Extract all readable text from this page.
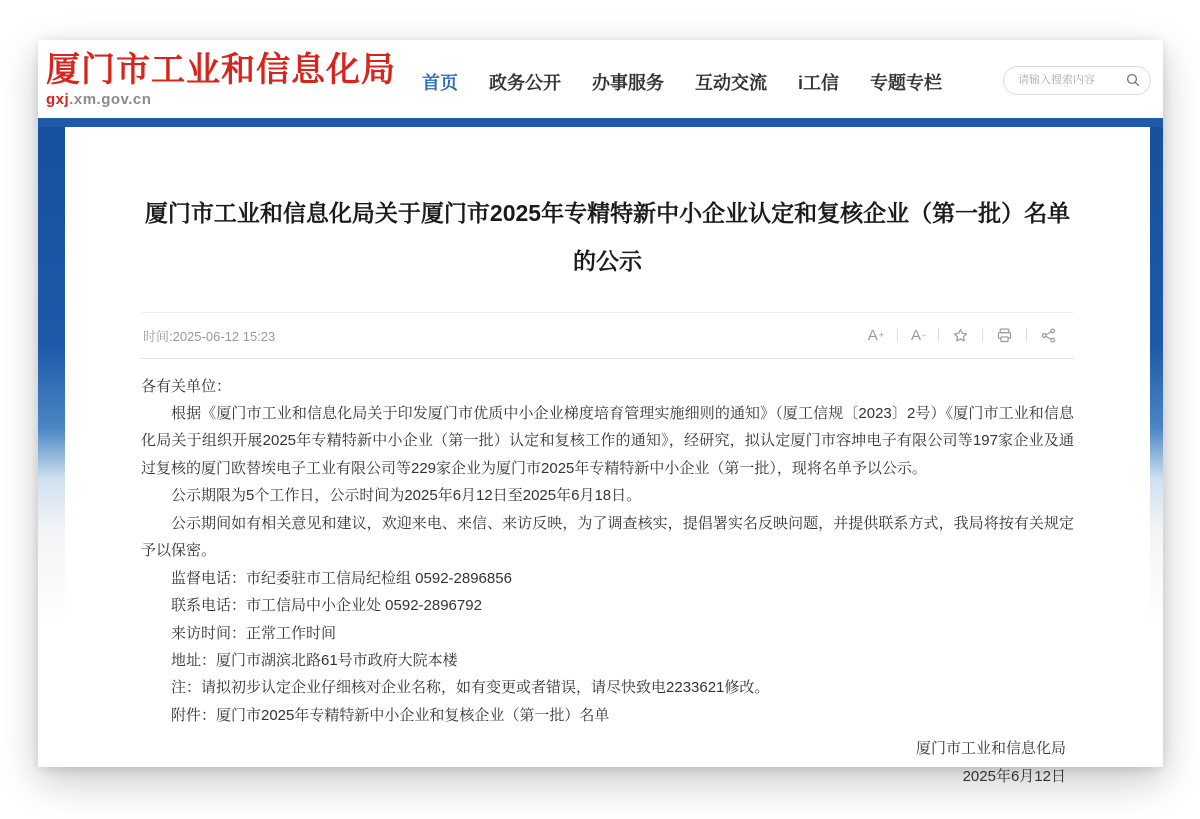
厦门市工业和信息化局
gxj.xm.gov.cn
首页 政务公开 办事服务 互动交流 i工信 专题专栏
请输入搜索内容
厦门市工业和信息化局关于厦门市2025年专精特新中小企业认定和复核企业（第一批）名单的公示
时间:2025-06-12 15:23	A + A -

各有关单位：

根据《厦门市工业和信息化局关于印发厦门市优质中小企业梯度培育管理实施细则的通知》（厦工信规〔2023〕2号）《厦门市工业和信息化局关于组织开展2025年专精特新中小企业（第一批）认定和复核工作的通知》，经研究，拟认定厦门市容坤电子有限公司等197家企业及通过复核的厦门欧替埃电子工业有限公司等229家企业为厦门市2025年专精特新中小企业（第一批），现将名单予以公示。

公示期限为5个工作日，公示时间为2025年6月12日至2025年6月18日。

公示期间如有相关意见和建议，欢迎来电、来信、来访反映，为了调查核实，提倡署实名反映问题，并提供联系方式，我局将按有关规定予以保密。

监督电话：市纪委驻市工信局纪检组 0592-2896856

联系电话：市工信局中小企业处 0592-2896792

来访时间：正常工作时间

地址：厦门市湖滨北路61号市政府大院本楼

注：请拟初步认定企业仔细核对企业名称，如有变更或者错误，请尽快致电2233621修改。

附件：厦门市2025年专精特新中小企业和复核企业（第一批）名单

厦门市工业和信息化局
2025年6月12日
